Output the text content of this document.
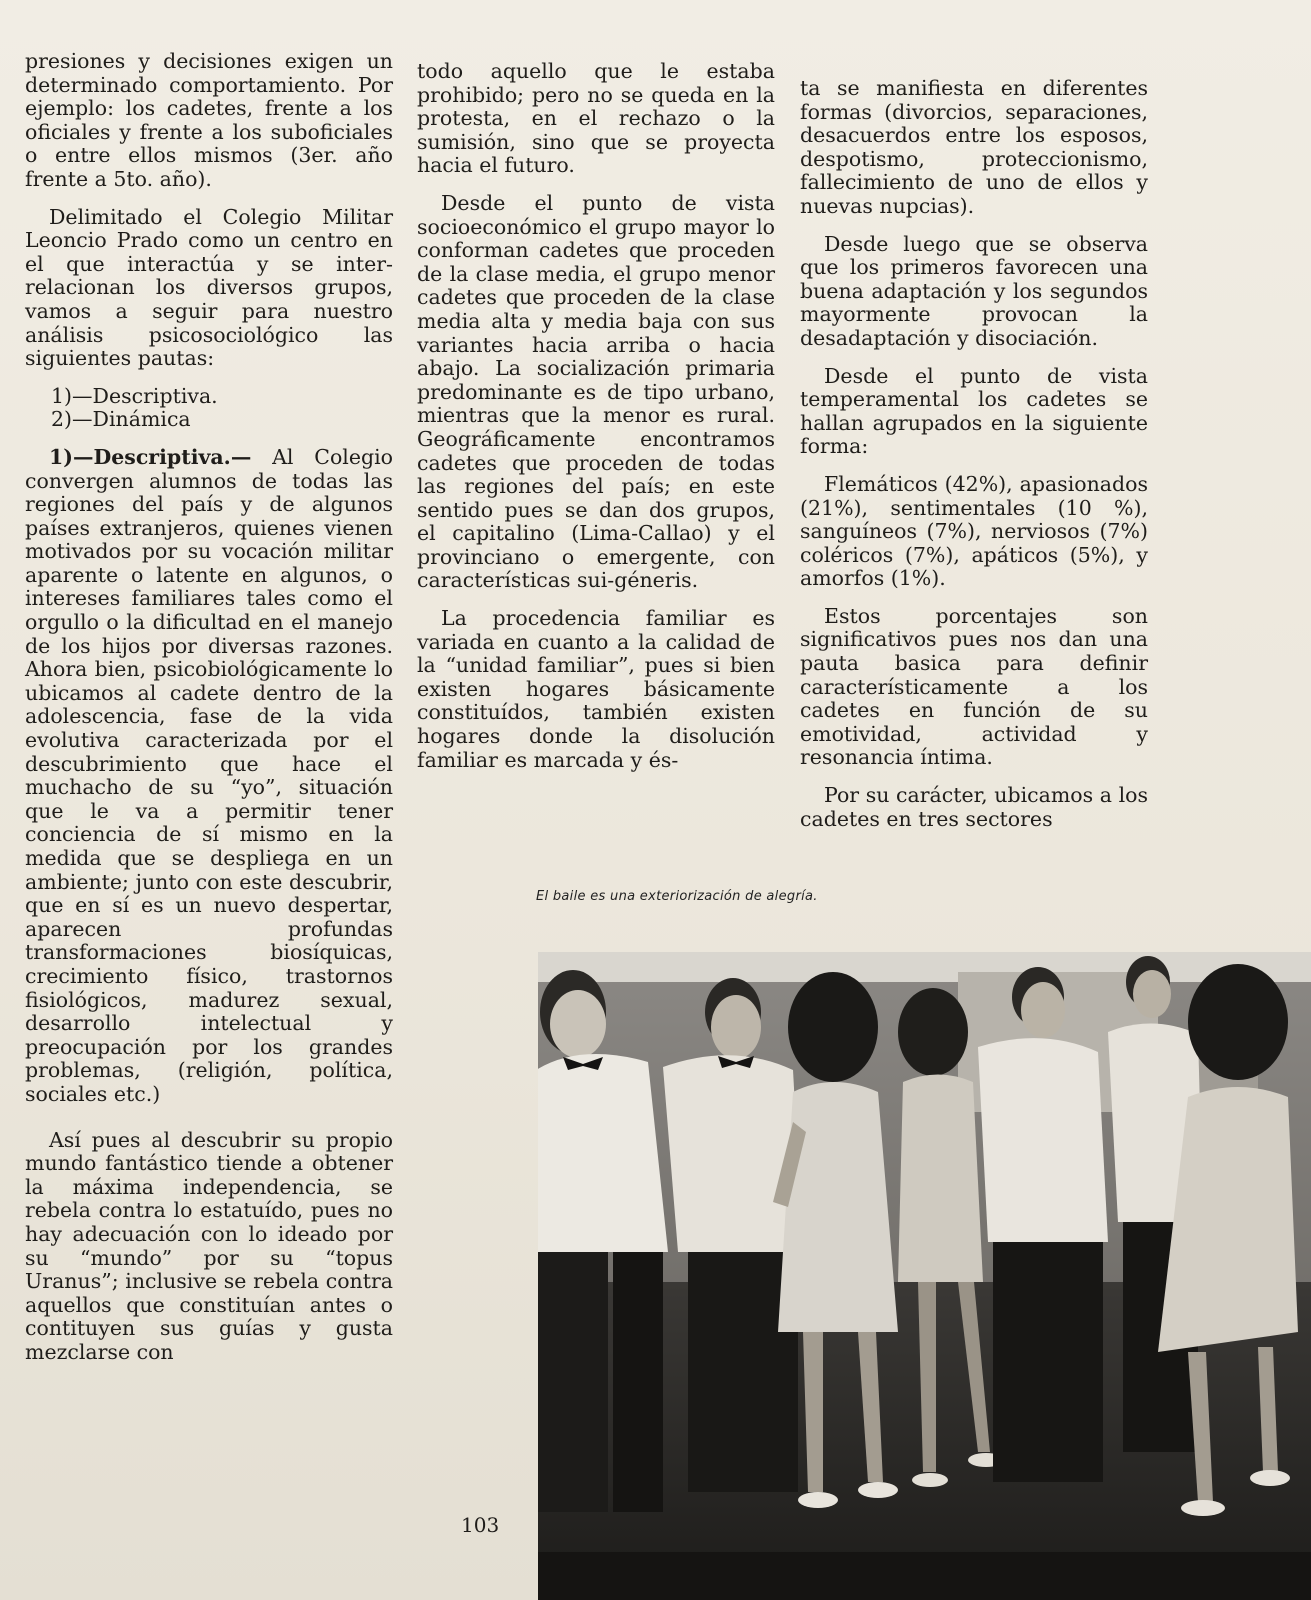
presiones y decisiones exigen un determinado comportamiento. Por ejemplo: los cadetes, frente a los oficiales y frente a los suboficiales o entre ellos mismos (3er. año frente a 5to. año).

Delimitado el Colegio Militar Leoncio Prado como un centro en el que interactúa y se inter-relacionan los diversos grupos, vamos a seguir para nuestro análisis psicosociológico las siguientes pautas:

1)—Descriptiva.

2)—Dinámica

1)—Descriptiva.— Al Colegio convergen alumnos de todas las regiones del país y de algunos países extranjeros, quienes vienen motivados por su vocación militar aparente o latente en algunos, o intereses familiares tales como el orgullo o la dificultad en el manejo de los hijos por diversas razones. Ahora bien, psicobiológicamente lo ubicamos al cadete dentro de la adolescencia, fase de la vida evolutiva caracterizada por el descubrimiento que hace el muchacho de su “yo”, situación que le va a permitir tener conciencia de sí mismo en la medida que se despliega en un ambiente; junto con este descubrir, que en sí es un nuevo despertar, aparecen profundas transformaciones biosíquicas, crecimiento físico, trastornos fisiológicos, madurez sexual, desarrollo intelectual y preocupación por los grandes problemas, (religión, política, sociales etc.)

Así pues al descubrir su propio mundo fantástico tiende a obtener la máxima independencia, se rebela contra lo estatuído, pues no hay adecuación con lo ideado por su “mundo” por su “topus Uranus”; inclusive se rebela contra aquellos que constituían antes o contituyen sus guías y gusta mezclarse con

todo aquello que le estaba prohibido; pero no se queda en la protesta, en el rechazo o la sumisión, sino que se proyecta hacia el futuro.

Desde el punto de vista socioeconómico el grupo mayor lo conforman cadetes que proceden de la clase media, el grupo menor cadetes que proceden de la clase media alta y media baja con sus variantes hacia arriba o hacia abajo. La socialización primaria predominante es de tipo urbano, mientras que la menor es rural. Geográficamente encontramos cadetes que proceden de todas las regiones del país; en este sentido pues se dan dos grupos, el capitalino (Lima-Callao) y el provinciano o emergente, con características sui-géneris.

La procedencia familiar es variada en cuanto a la calidad de la “unidad familiar”, pues si bien existen hogares básicamente constituídos, también existen hogares donde la disolución familiar es marcada y és-

ta se manifiesta en diferentes formas (divorcios, separaciones, desacuerdos entre los esposos, despotismo, proteccionismo, fallecimiento de uno de ellos y nuevas nupcias).

Desde luego que se observa que los primeros favorecen una buena adaptación y los segundos mayormente provocan la desadaptación y disociación.

Desde el punto de vista temperamental los cadetes se hallan agrupados en la siguiente forma:

Flemáticos (42%), apasionados (21%), sentimentales (10 %), sanguíneos (7%), nerviosos (7%) coléricos (7%), apáticos (5%), y amorfos (1%).

Estos porcentajes son significativos pues nos dan una pauta basica para definir característicamente a los cadetes en función de su emotividad, actividad y resonancia íntima.

Por su carácter, ubicamos a los cadetes en tres sectores

El baile es una exteriorización de alegría.
103
